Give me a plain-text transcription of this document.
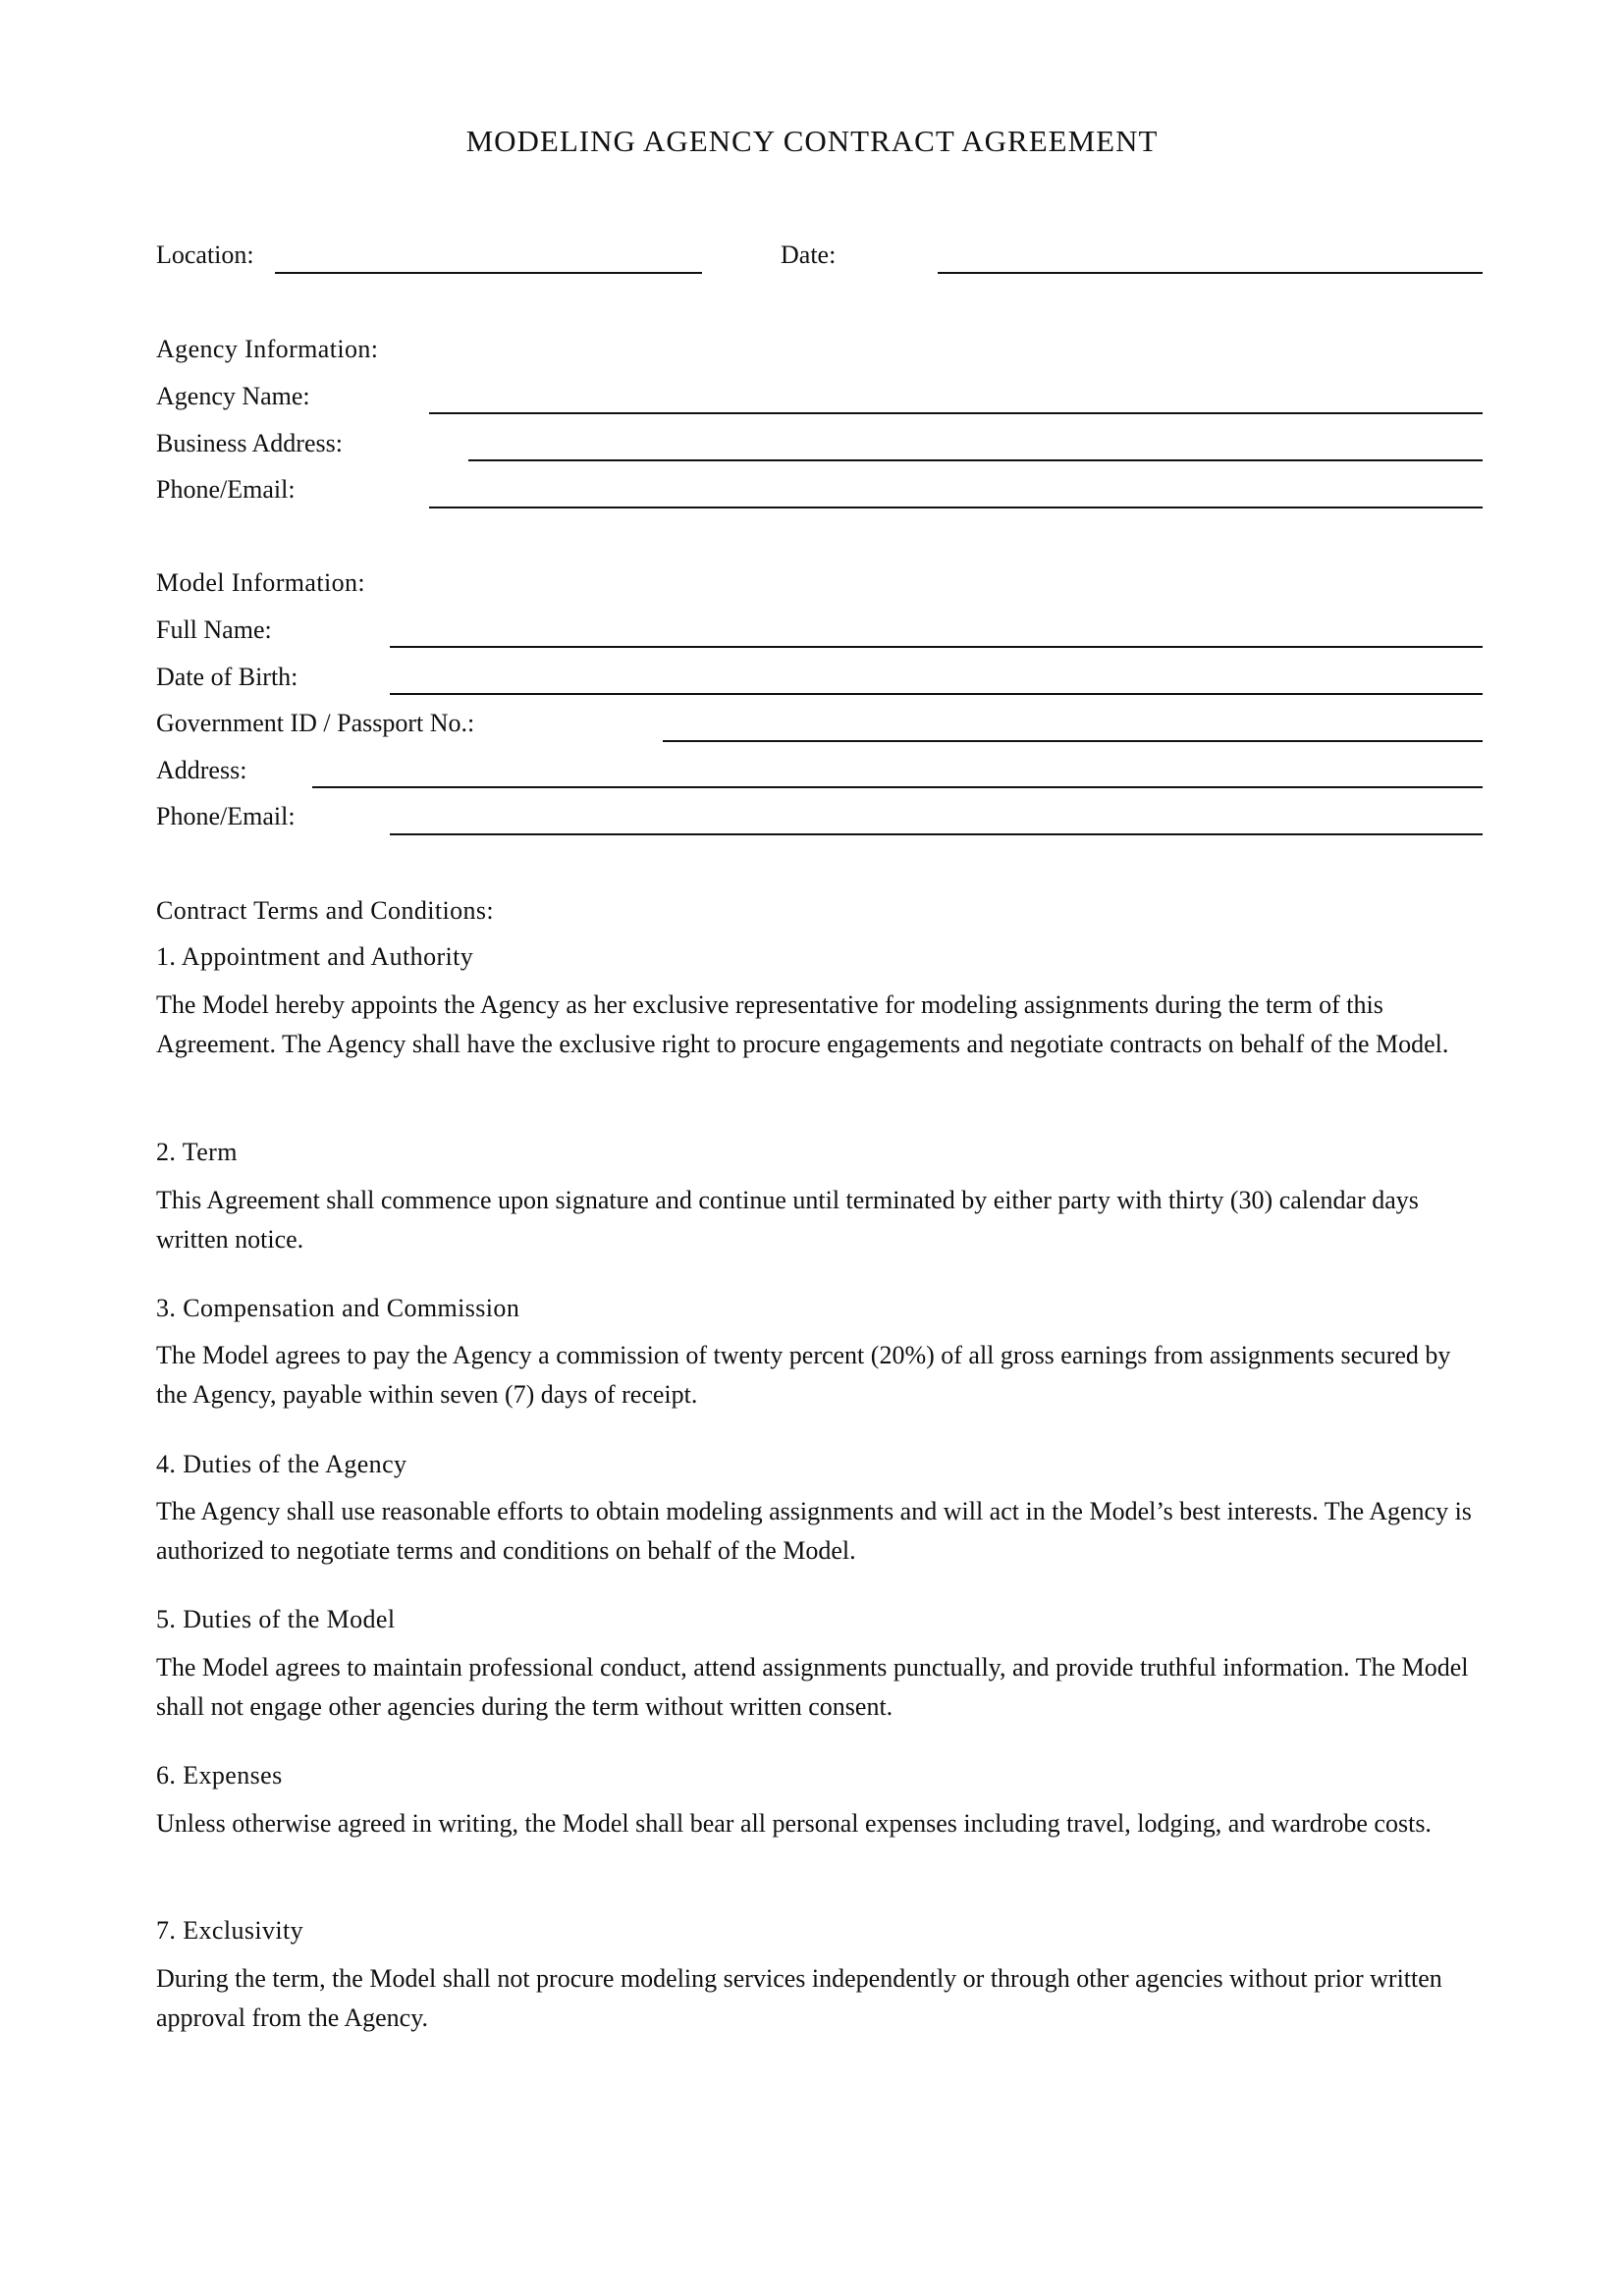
MODELING AGENCY CONTRACT AGREEMENT
Location:	Date:
Agency Information:
Agency Name:
Business Address:
Phone/Email:
Model Information:
Full Name:
Date of Birth:
Government ID / Passport No.:
Address:
Phone/Email:
Contract Terms and Conditions:
1. Appointment and Authority

The Model hereby appoints the Agency as her exclusive representative for modeling assignments during the term of this Agreement. The Agency shall have the exclusive right to procure engagements and negotiate contracts on behalf of the Model.

2. Term

This Agreement shall commence upon signature and continue until terminated by either party with thirty (30) calendar days written notice.

3. Compensation and Commission

The Model agrees to pay the Agency a commission of twenty percent (20%) of all gross earnings from assignments secured by the Agency, payable within seven (7) days of receipt.

4. Duties of the Agency

The Agency shall use reasonable efforts to obtain modeling assignments and will act in the Model’s best interests. The Agency is authorized to negotiate terms and conditions on behalf of the Model.

5. Duties of the Model

The Model agrees to maintain professional conduct, attend assignments punctually, and provide truthful information. The Model shall not engage other agencies during the term without written consent.

6. Expenses

Unless otherwise agreed in writing, the Model shall bear all personal expenses including travel, lodging, and wardrobe costs.

7. Exclusivity

During the term, the Model shall not procure modeling services independently or through other agencies without prior written approval from the Agency.
